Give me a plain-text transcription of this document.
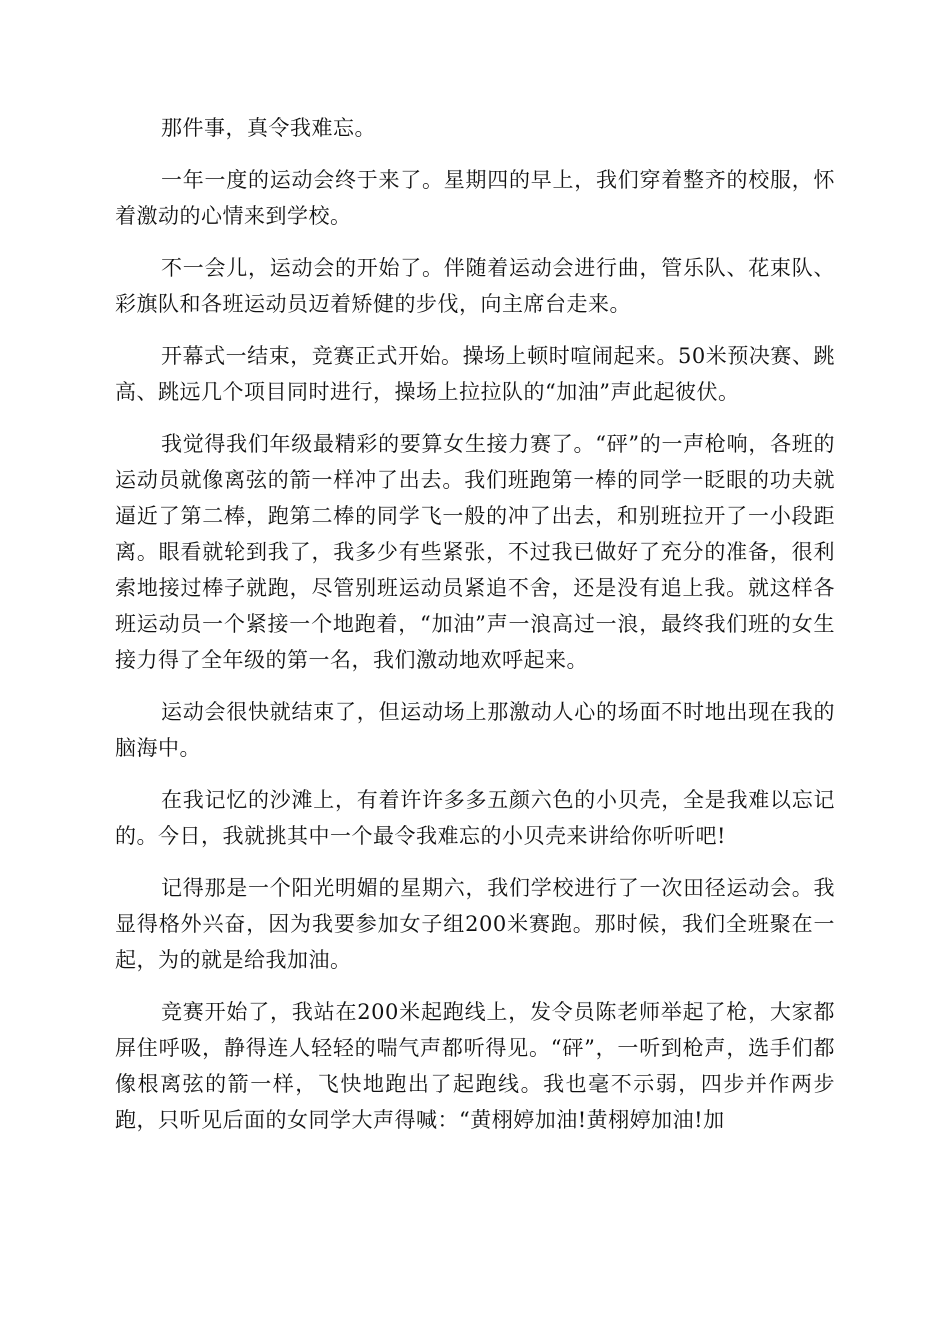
那件事，真令我难忘。

一年一度的运动会终于来了。星期四的早上，我们穿着整齐的校服，怀着激动的心情来到学校。

不一会儿，运动会的开始了。伴随着运动会进行曲，管乐队、花束队、彩旗队和各班运动员迈着矫健的步伐，向主席台走来。

开幕式一结束，竞赛正式开始。操场上顿时喧闹起来。50米预决赛、跳高、跳远几个项目同时进行，操场上拉拉队的“加油”声此起彼伏。

我觉得我们年级最精彩的要算女生接力赛了。“砰”的一声枪响，各班的运动员就像离弦的箭一样冲了出去。我们班跑第一棒的同学一眨眼的功夫就逼近了第二棒，跑第二棒的同学飞一般的冲了出去，和别班拉开了一小段距离。眼看就轮到我了，我多少有些紧张，不过我已做好了充分的准备，很利索地接过棒子就跑，尽管别班运动员紧追不舍，还是没有追上我。就这样各班运动员一个紧接一个地跑着，“加油”声一浪高过一浪，最终我们班的女生接力得了全年级的第一名，我们激动地欢呼起来。

运动会很快就结束了，但运动场上那激动人心的场面不时地出现在我的脑海中。

在我记忆的沙滩上，有着许许多多五颜六色的小贝壳，全是我难以忘记的。今日，我就挑其中一个最令我难忘的小贝壳来讲给你听听吧!

记得那是一个阳光明媚的星期六，我们学校进行了一次田径运动会。我显得格外兴奋，因为我要参加女子组200米赛跑。那时候，我们全班聚在一起，为的就是给我加油。

竞赛开始了，我站在200米起跑线上，发令员陈老师举起了枪，大家都屏住呼吸，静得连人轻轻的喘气声都听得见。“砰”，一听到枪声，选手们都像根离弦的箭一样，飞快地跑出了起跑线。我也毫不示弱，四步并作两步跑，只听见后面的女同学大声得喊：“黄栩婷加油!黄栩婷加油!加
